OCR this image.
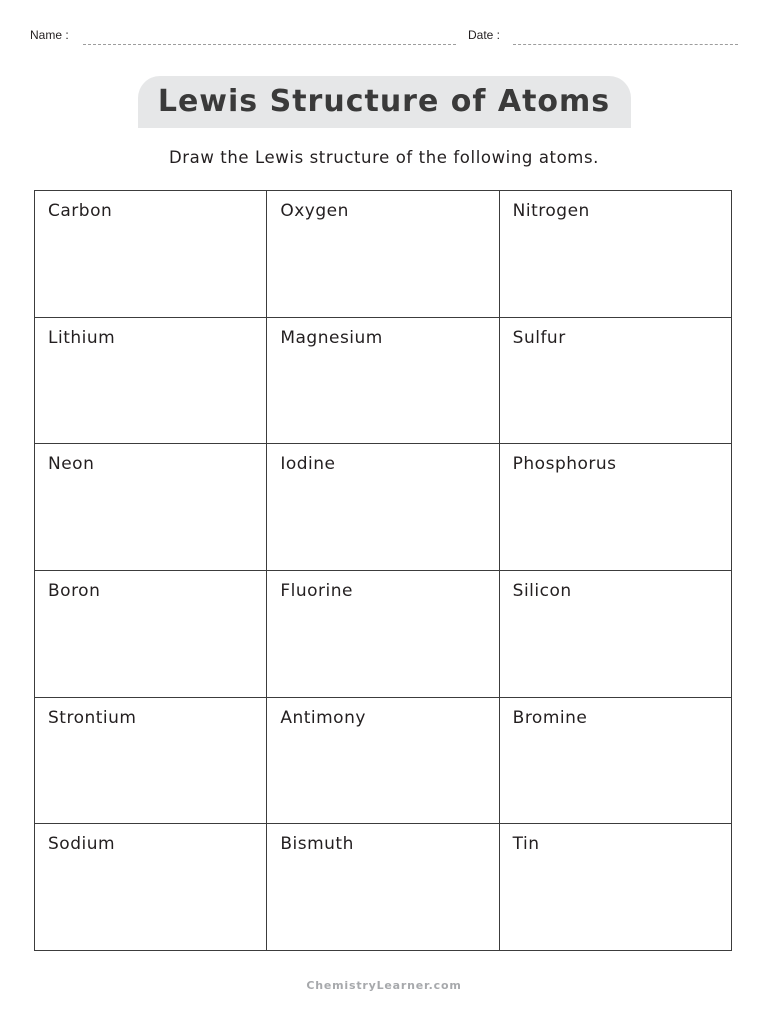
Name :	Date :
Lewis Structure of Atoms
Draw the Lewis structure of the following atoms.
Carbon	Oxygen	Nitrogen
Lithium	Magnesium	Sulfur
Neon	Iodine	Phosphorus
Boron	Fluorine	Silicon
Strontium	Antimony	Bromine
Sodium	Bismuth	Tin
ChemistryLearner.com
